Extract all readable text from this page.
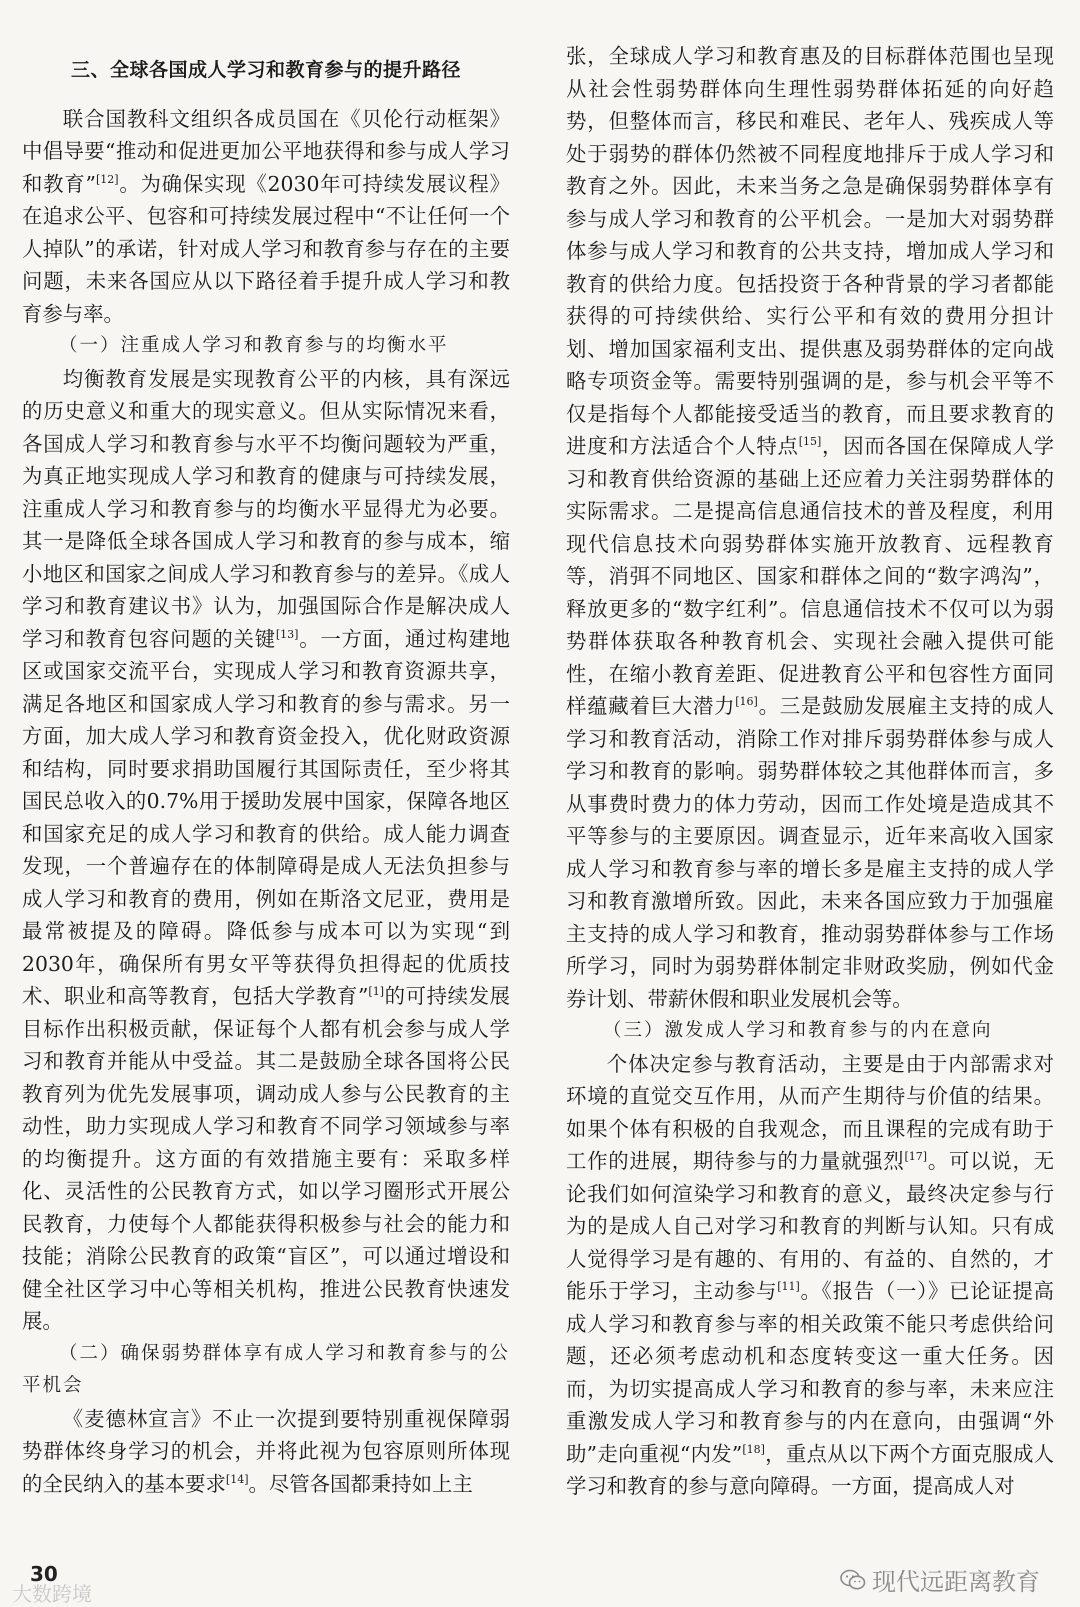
三、全球各国成人学习和教育参与的提升路径

联合国教科文组织各成员国在《贝伦行动框架》中倡导要“推动和促进更加公平地获得和参与成人学习和教育”[12]。为确保实现《2030年可持续发展议程》在追求公平、包容和可持续发展过程中“不让任何一个人掉队”的承诺，针对成人学习和教育参与存在的主要问题，未来各国应从以下路径着手提升成人学习和教育参与率。

（一）注重成人学习和教育参与的均衡水平

均衡教育发展是实现教育公平的内核，具有深远的历史意义和重大的现实意义。但从实际情况来看，各国成人学习和教育参与水平不均衡问题较为严重，为真正地实现成人学习和教育的健康与可持续发展，注重成人学习和教育参与的均衡水平显得尤为必要。其一是降低全球各国成人学习和教育的参与成本，缩小地区和国家之间成人学习和教育参与的差异。《成人学习和教育建议书》认为，加强国际合作是解决成人学习和教育包容问题的关键[13]。一方面，通过构建地区或国家交流平台，实现成人学习和教育资源共享，满足各地区和国家成人学习和教育的参与需求。另一方面，加大成人学习和教育资金投入，优化财政资源和结构，同时要求捐助国履行其国际责任，至少将其国民总收入的0.7%用于援助发展中国家，保障各地区和国家充足的成人学习和教育的供给。成人能力调查发现，一个普遍存在的体制障碍是成人无法负担参与成人学习和教育的费用，例如在斯洛文尼亚，费用是最常被提及的障碍。降低参与成本可以为实现“到2030年，确保所有男女平等获得负担得起的优质技术、职业和高等教育，包括大学教育”[1]的可持续发展目标作出积极贡献，保证每个人都有机会参与成人学习和教育并能从中受益。其二是鼓励全球各国将公民教育列为优先发展事项，调动成人参与公民教育的主动性，助力实现成人学习和教育不同学习领域参与率的均衡提升。这方面的有效措施主要有：采取多样化、灵活性的公民教育方式，如以学习圈形式开展公民教育，力使每个人都能获得积极参与社会的能力和技能；消除公民教育的政策“盲区”，可以通过增设和健全社区学习中心等相关机构，推进公民教育快速发展。

（二）确保弱势群体享有成人学习和教育参与的公平机会

《麦德林宣言》不止一次提到要特别重视保障弱势群体终身学习的机会，并将此视为包容原则所体现的全民纳入的基本要求[14]。尽管各国都秉持如上主

张，全球成人学习和教育惠及的目标群体范围也呈现从社会性弱势群体向生理性弱势群体拓延的向好趋势，但整体而言，移民和难民、老年人、残疾成人等处于弱势的群体仍然被不同程度地排斥于成人学习和教育之外。因此，未来当务之急是确保弱势群体享有参与成人学习和教育的公平机会。一是加大对弱势群体参与成人学习和教育的公共支持，增加成人学习和教育的供给力度。包括投资于各种背景的学习者都能获得的可持续供给、实行公平和有效的费用分担计划、增加国家福利支出、提供惠及弱势群体的定向战略专项资金等。需要特别强调的是，参与机会平等不仅是指每个人都能接受适当的教育，而且要求教育的进度和方法适合个人特点[15]，因而各国在保障成人学习和教育供给资源的基础上还应着力关注弱势群体的实际需求。二是提高信息通信技术的普及程度，利用现代信息技术向弱势群体实施开放教育、远程教育等，消弭不同地区、国家和群体之间的“数字鸿沟”，释放更多的“数字红利”。信息通信技术不仅可以为弱势群体获取各种教育机会、实现社会融入提供可能性，在缩小教育差距、促进教育公平和包容性方面同样蕴藏着巨大潜力[16]。三是鼓励发展雇主支持的成人学习和教育活动，消除工作对排斥弱势群体参与成人学习和教育的影响。弱势群体较之其他群体而言，多从事费时费力的体力劳动，因而工作处境是造成其不平等参与的主要原因。调查显示，近年来高收入国家成人学习和教育参与率的增长多是雇主支持的成人学习和教育激增所致。因此，未来各国应致力于加强雇主支持的成人学习和教育，推动弱势群体参与工作场所学习，同时为弱势群体制定非财政奖励，例如代金券计划、带薪休假和职业发展机会等。

（三）激发成人学习和教育参与的内在意向

个体决定参与教育活动，主要是由于内部需求对环境的直觉交互作用，从而产生期待与价值的结果。如果个体有积极的自我观念，而且课程的完成有助于工作的进展，期待参与的力量就强烈[17]。可以说，无论我们如何渲染学习和教育的意义，最终决定参与行为的是成人自己对学习和教育的判断与认知。只有成人觉得学习是有趣的、有用的、有益的、自然的，才能乐于学习，主动参与[11]。《报告（一）》已论证提高成人学习和教育参与率的相关政策不能只考虑供给问题，还必须考虑动机和态度转变这一重大任务。因而，为切实提高成人学习和教育的参与率，未来应注重激发成人学习和教育参与的内在意向，由强调“外助”走向重视“内发”[18]，重点从以下两个方面克服成人学习和教育的参与意向障碍。一方面，提高成人对

30
大数跨境	现代远距离教育
